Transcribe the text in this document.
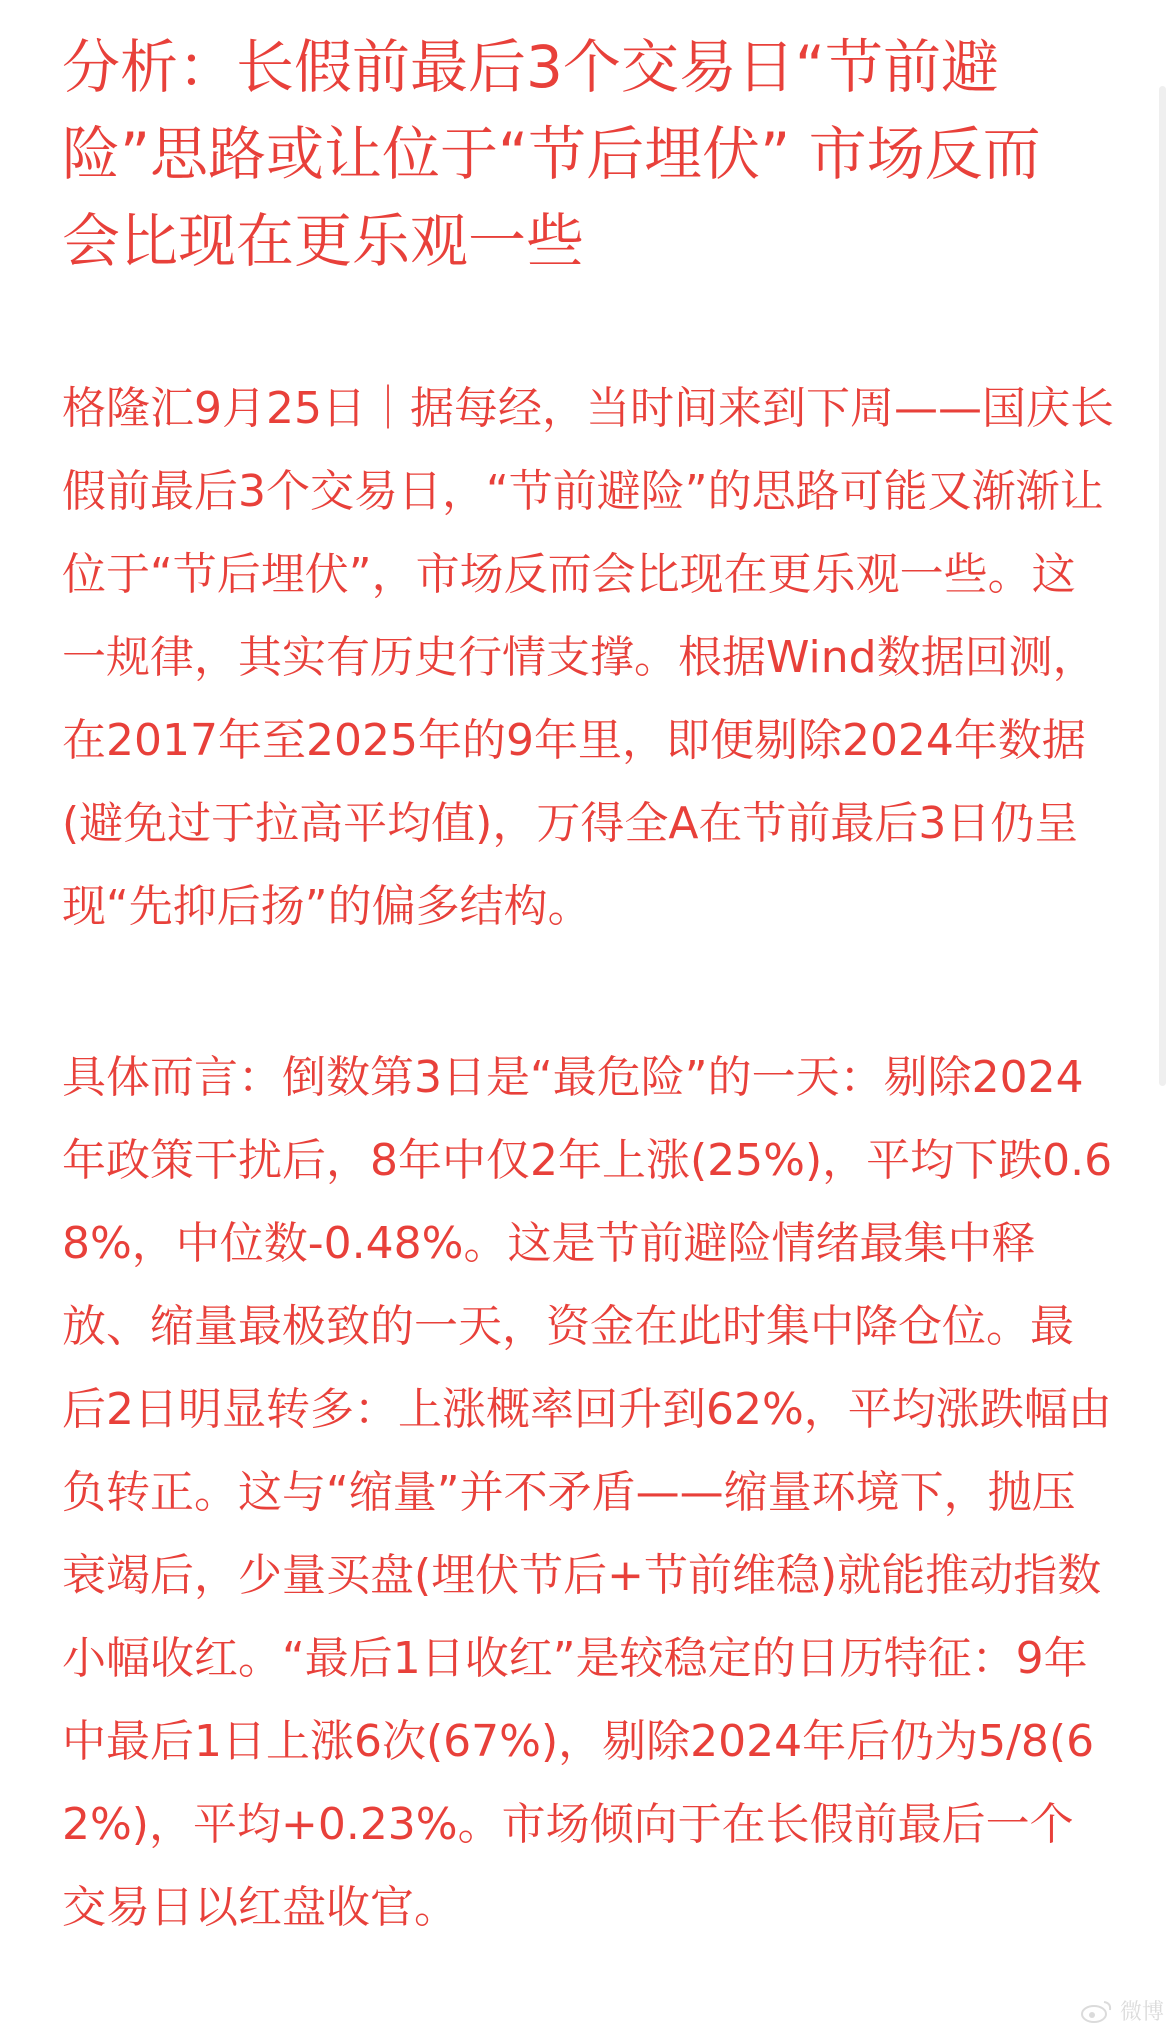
分析：长假前最后3个交易日“节前避险”思路或让位于“节后埋伏” 市场反而会比现在更乐观一些

格隆汇9月25日｜据每经，当时间来到下周——国庆长假前最后3个交易日，“节前避险”的思路可能又渐渐让位于“节后埋伏”，市场反而会比现在更乐观一些。这一规律，其实有历史行情支撑。根据Wind数据回测，在2017年至2025年的9年里，即便剔除2024年数据(避免过于拉高平均值)，万得全A在节前最后3日仍呈现“先抑后扬”的偏多结构。

具体而言：倒数第3日是“最危险”的一天：剔除2024年政策干扰后，8年中仅2年上涨(25%)，平均下跌0.68%，中位数-0.48%。这是节前避险情绪最集中释放、缩量最极致的一天，资金在此时集中降仓位。最后2日明显转多：上涨概率回升到62%，平均涨跌幅由负转正。这与“缩量”并不矛盾——缩量环境下，抛压衰竭后，少量买盘(埋伏节后+节前维稳)就能推动指数小幅收红。“最后1日收红”是较稳定的日历特征：9年中最后1日上涨6次(67%)，剔除2024年后仍为5/8(62%)，平均+0.23%。市场倾向于在长假前最后一个交易日以红盘收官。

微博
